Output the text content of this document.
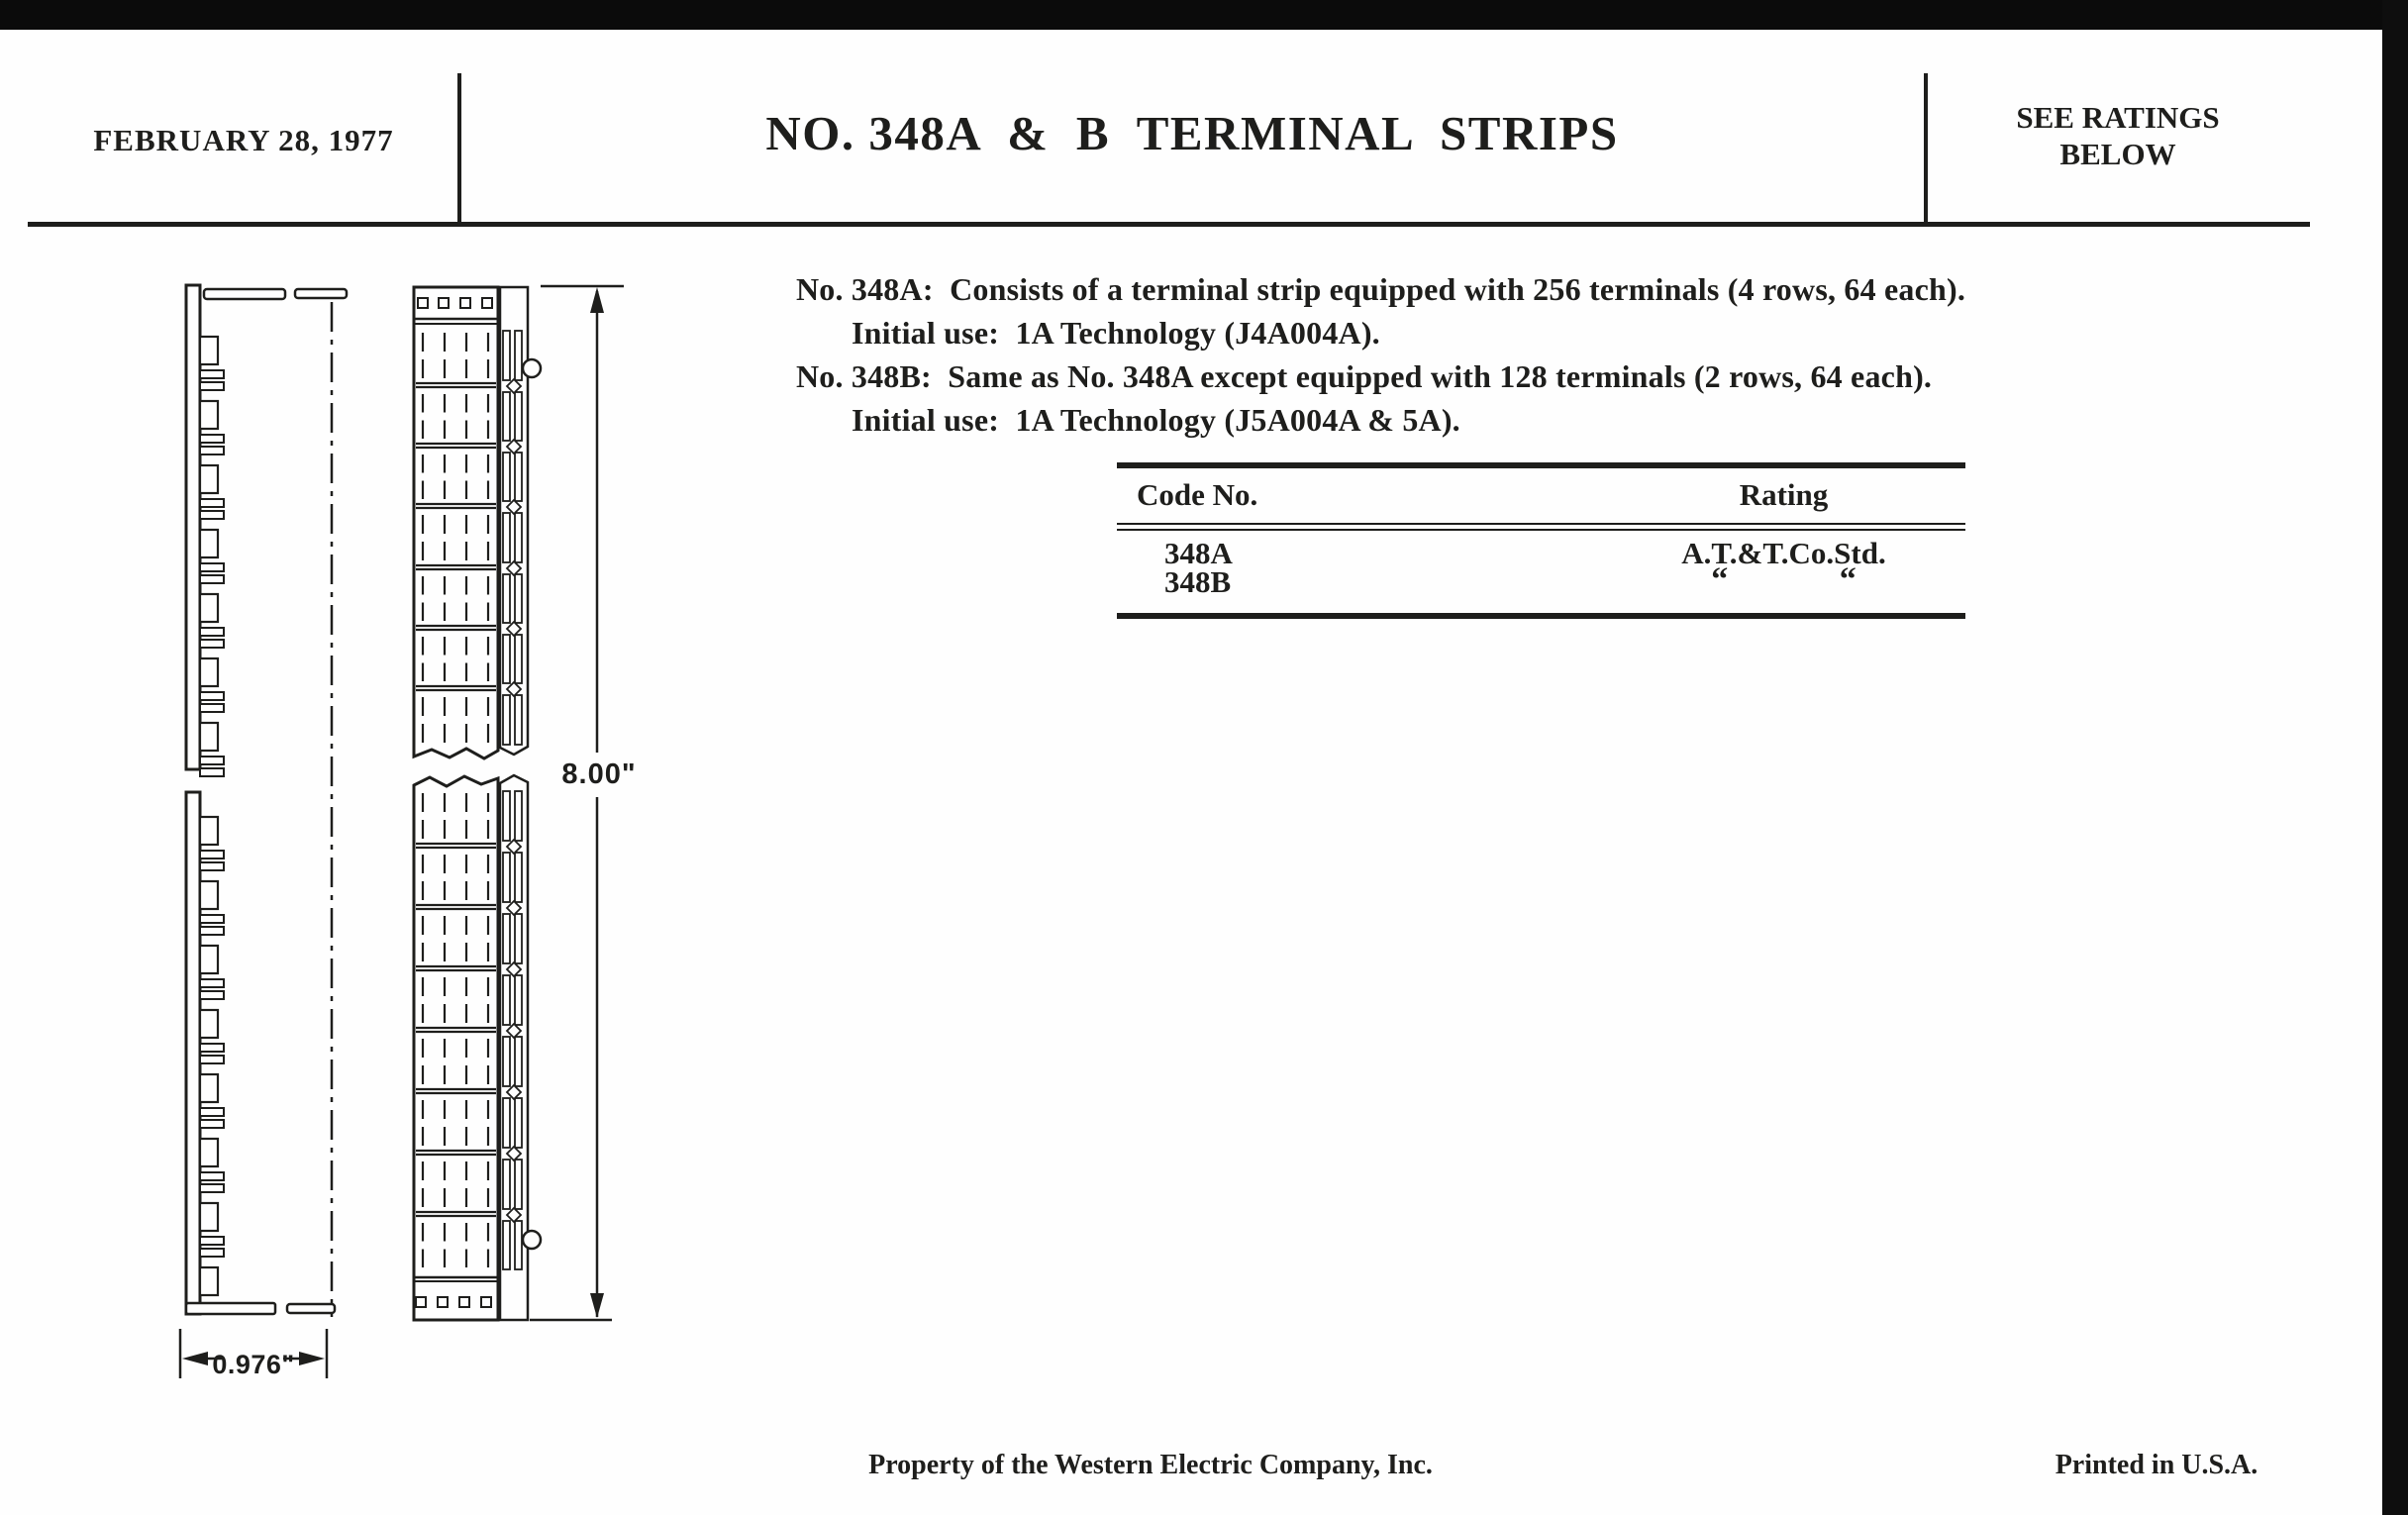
FEBRUARY 28, 1977	NO. 348A  &  B  TERMINAL  STRIPS	SEE RATINGS
BELOW
No. 348A:  Consists of a terminal strip equipped with 256 terminals (4 rows, 64 each).
Initial use:  1A Technology (J4A004A).
No. 348B:  Same as No. 348A except equipped with 128 terminals (2 rows, 64 each).
Initial use:  1A Technology (J5A004A & 5A).
Code No.	Rating
348A	A.T.&T.Co.Std.
348B	“ “
8.00"
0.976"
Property of the Western Electric Company, Inc.	Printed in U.S.A.
